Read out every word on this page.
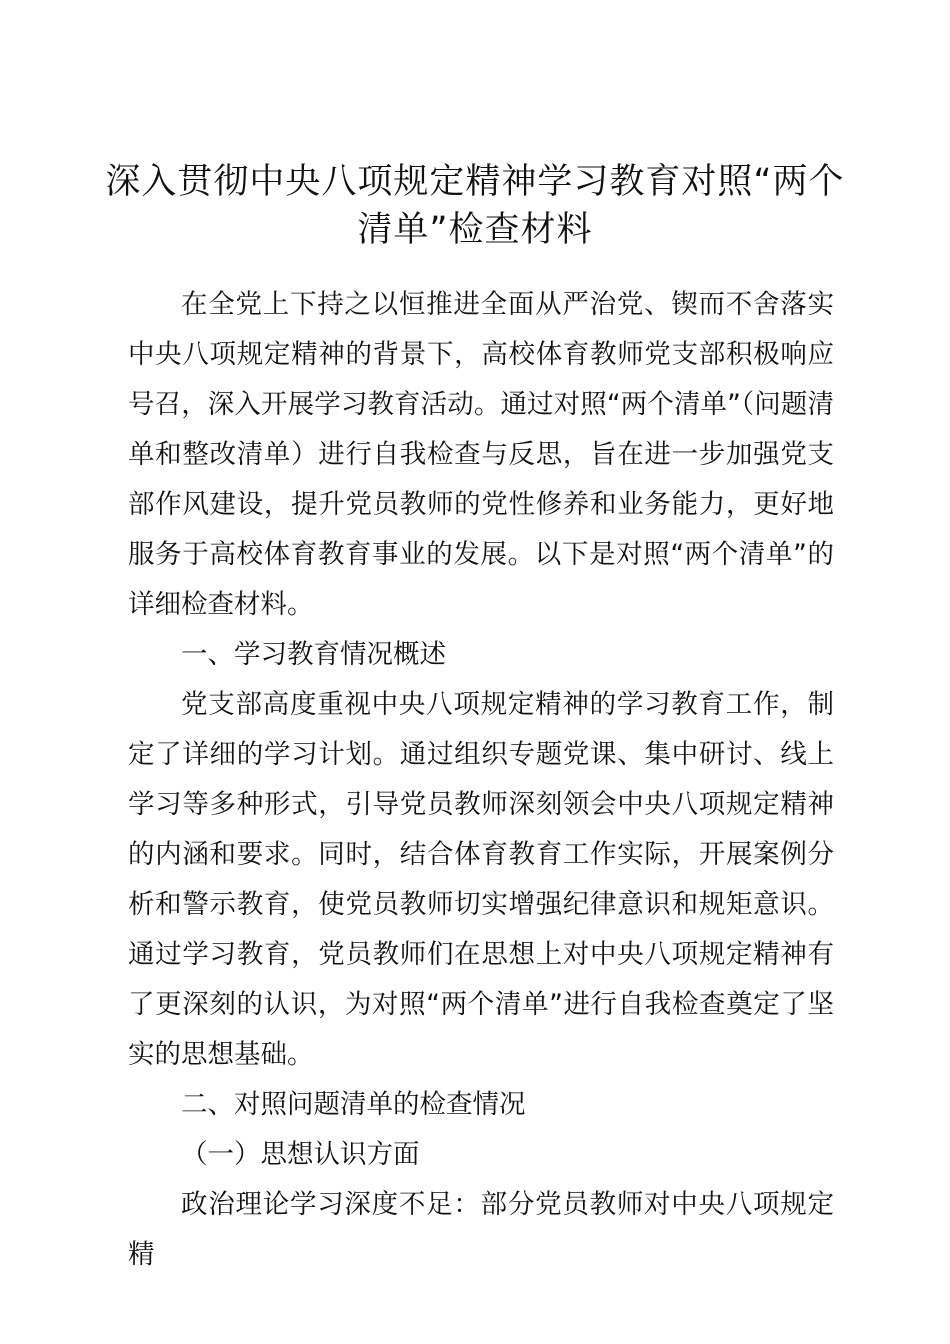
深入贯彻中央八项规定精神学习教育对照“两个清单”检查材料

在全党上下持之以恒推进全面从严治党、锲而不舍落实中央八项规定精神的背景下，高校体育教师党支部积极响应号召，深入开展学习教育活动。通过对照“两个清单”（问题清单和整改清单）进行自我检查与反思，旨在进一步加强党支部作风建设，提升党员教师的党性修养和业务能力，更好地服务于高校体育教育事业的发展。以下是对照“两个清单”的详细检查材料。

一、学习教育情况概述

党支部高度重视中央八项规定精神的学习教育工作，制定了详细的学习计划。通过组织专题党课、集中研讨、线上学习等多种形式，引导党员教师深刻领会中央八项规定精神的内涵和要求。同时，结合体育教育工作实际，开展案例分析和警示教育，使党员教师切实增强纪律意识和规矩意识。通过学习教育，党员教师们在思想上对中央八项规定精神有了更深刻的认识，为对照“两个清单”进行自我检查奠定了坚实的思想基础。

二、对照问题清单的检查情况

（一）思想认识方面

政治理论学习深度不足：部分党员教师对中央八项规定精
